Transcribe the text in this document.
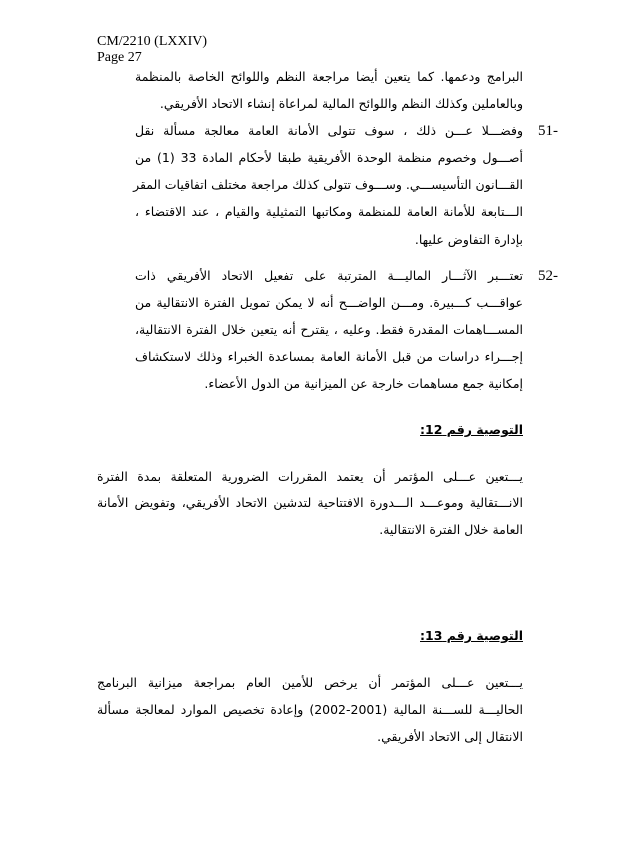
CM/2210 (LXXIV)
Page 27
البرامج ودعمها. كما يتعين أيضا مراجعة النظم واللوائح الخاصة بالمنظمة
وبالعاملين وكذلك النظم واللوائح المالية لمراعاة إنشاء الاتحاد الأفريقي.
51-
وفضـــلا عـــن ذلك ، سوف تتولى الأمانة العامة معالجة مسألة نقل
أصـــول وخصوم منظمة الوحدة الأفريقية طبقا لأحكام المادة 33 (1) من
القـــانون التأسيســـي. وســـوف تتولى كذلك مراجعة مختلف اتفاقيات المقر
الـــتابعة للأمانة العامة للمنظمة ومكاتبها التمثيلية والقيام ، عند الاقتضاء ،
بإدارة التفاوض عليها.
52-
تعتـــبر الآثـــار الماليـــة المترتبة على تفعيل الاتحاد الأفريقي ذات
عواقـــب كـــبيرة. ومـــن الواضـــح أنه لا يمكن تمويل الفترة الانتقالية من
المســـاهمات المقدرة فقط. وعليه ، يقترح أنه يتعين خلال الفترة الانتقالية،
إجـــراء دراسات من قبل الأمانة العامة بمساعدة الخبراء وذلك لاستكشاف
إمكانية جمع مساهمات خارجة عن الميزانية من الدول الأعضاء.
التوصية رقم 12:
يـــتعين عـــلى المؤتمر أن يعتمد المقررات الضرورية المتعلقة بمدة الفترة
الانـــتقالية وموعـــد الـــدورة الافتتاحية لتدشين الاتحاد الأفريقي، وتفويض الأمانة
العامة خلال الفترة الانتقالية.
التوصية رقم 13:
يـــتعين عـــلى المؤتمر أن يرخص للأمين العام بمراجعة ميزانية البرنامج
الحاليـــة للســـنة المالية (2001-2002) وإعادة تخصيص الموارد لمعالجة مسألة
الانتقال إلى الاتحاد الأفريقي.
